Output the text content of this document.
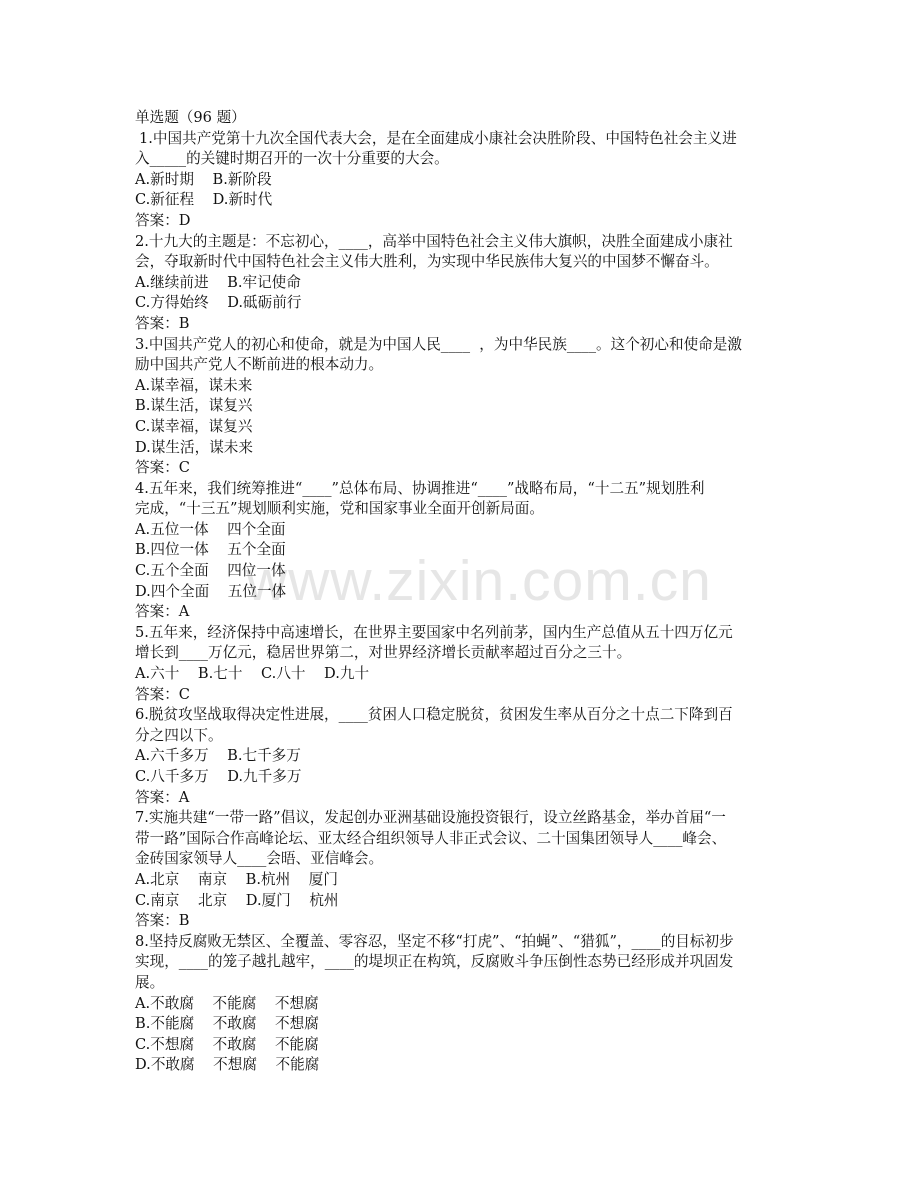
www.zixin.com.cn
单选题（96 题）
1.中国共产党第十九次全国代表大会，是在全面建成小康社会决胜阶段、中国特色社会主义进
入_____的关键时期召开的一次十分重要的大会。
A.新时期    B.新阶段
C.新征程    D.新时代
答案：D
2.十九大的主题是：不忘初心，____，高举中国特色社会主义伟大旗帜，决胜全面建成小康社
会，夺取新时代中国特色社会主义伟大胜利，为实现中华民族伟大复兴的中国梦不懈奋斗。
A.继续前进    B.牢记使命
C.方得始终    D.砥砺前行
答案：B
3.中国共产党人的初心和使命，就是为中国人民____  ，为中华民族____。这个初心和使命是激
励中国共产党人不断前进的根本动力。
A.谋幸福，谋未来
B.谋生活，谋复兴
C.谋幸福，谋复兴
D.谋生活，谋未来
答案：C
4.五年来，我们统筹推进“____”总体布局、协调推进“____”战略布局，“十二五”规划胜利
完成，“十三五”规划顺利实施，党和国家事业全面开创新局面。
A.五位一体    四个全面
B.四位一体    五个全面
C.五个全面    四位一体
D.四个全面    五位一体
答案：A
5.五年来，经济保持中高速增长，在世界主要国家中名列前茅，国内生产总值从五十四万亿元
增长到____万亿元，稳居世界第二，对世界经济增长贡献率超过百分之三十。
A.六十    B.七十    C.八十    D.九十
答案：C
6.脱贫攻坚战取得决定性进展，____贫困人口稳定脱贫，贫困发生率从百分之十点二下降到百
分之四以下。
A.六千多万    B.七千多万
C.八千多万    D.九千多万
答案：A
7.实施共建“一带一路”倡议，发起创办亚洲基础设施投资银行，设立丝路基金，举办首届“一
带一路”国际合作高峰论坛、亚太经合组织领导人非正式会议、二十国集团领导人____峰会、
金砖国家领导人____会晤、亚信峰会。
A.北京    南京    B.杭州    厦门
C.南京    北京    D.厦门    杭州
答案：B
8.坚持反腐败无禁区、全覆盖、零容忍，坚定不移“打虎”、“拍蝇”、“猎狐”，____的目标初步
实现，____的笼子越扎越牢，____的堤坝正在构筑，反腐败斗争压倒性态势已经形成并巩固发
展。
A.不敢腐    不能腐    不想腐
B.不能腐    不敢腐    不想腐
C.不想腐    不敢腐    不能腐
D.不敢腐    不想腐    不能腐
